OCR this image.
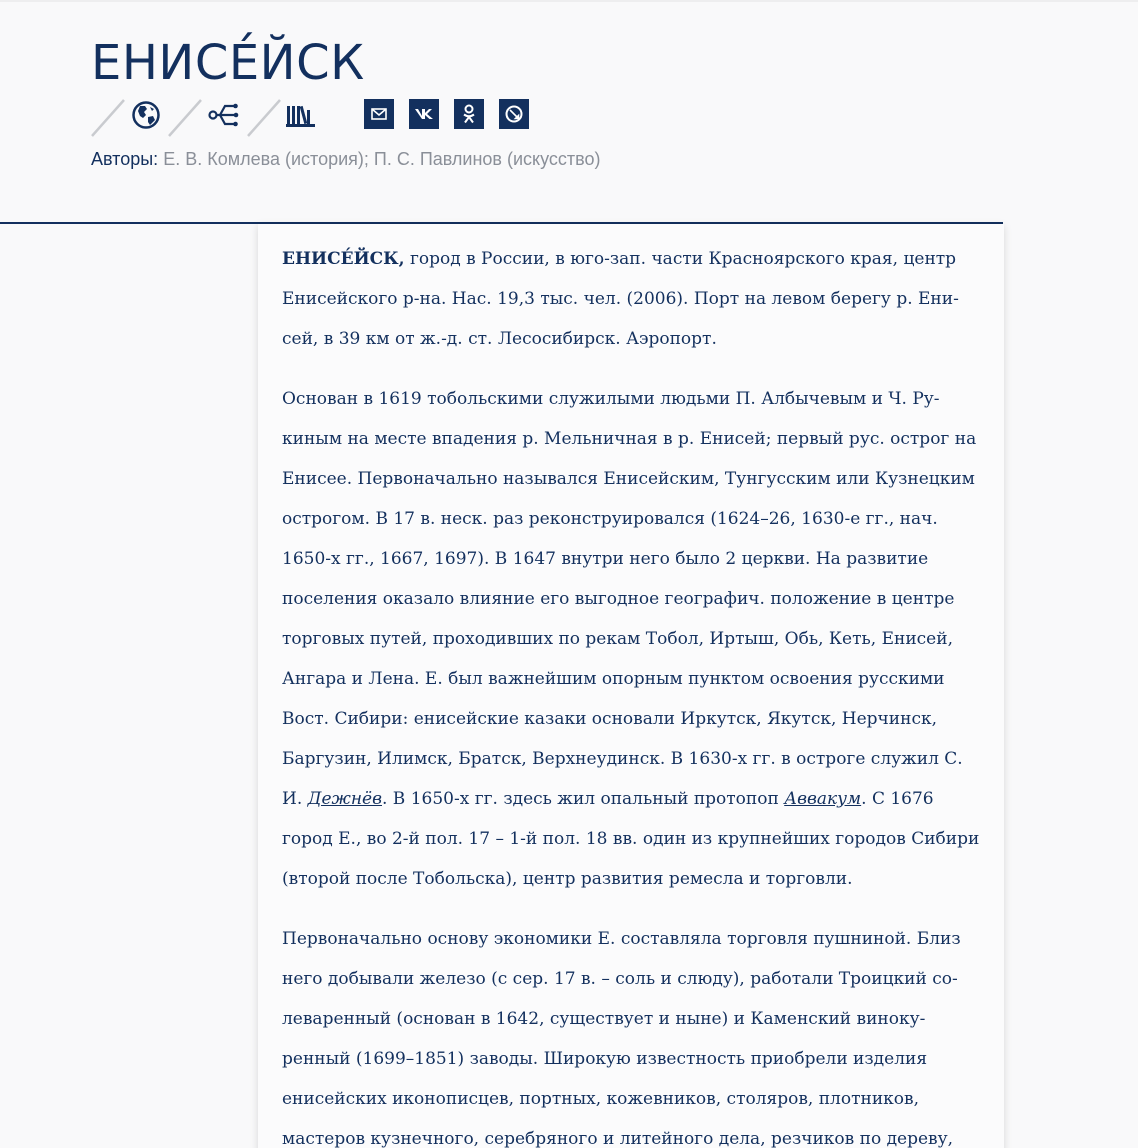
ЕНИСЕ́ЙСК
Авторы: Е. В. Комлева (история); П. С. Павлинов (искусство)

ЕНИСЕ́ЙСК, город в России, в юго-зап. части Красноярского края, центр Енисейского р-на. Нас. 19,3 тыс. чел. (2006). Порт на левом берегу р. Енисей, в 39 км от ж.-д. ст. Лесосибирск. Аэропорт.

Основан в 1619 тобольскими служилыми людьми П. Албычевым и Ч. Рукиным на месте впадения р. Мельничная в р. Енисей; первый рус. острог на Енисее. Первоначально назывался Енисейским, Тунгусским или Кузнецким острогом. В 17 в. неск. раз реконструировался (1624–26, 1630-е гг., нач. 1650-х гг., 1667, 1697). В 1647 внутри него было 2 церкви. На развитие поселения оказало влияние его выгодное географич. положение в центре торговых путей, проходивших по рекам Тобол, Иртыш, Обь, Кеть, Енисей, Ангара и Лена. Е. был важнейшим опорным пунктом освоения русскими Вост. Сибири: енисейские казаки основали Иркутск, Якутск, Нерчинск, Баргузин, Илимск, Братск, Верхнеудинск. В 1630-х гг. в остроге служил С. И. Дежнёв. В 1650-х гг. здесь жил опальный протопоп Аввакум. С 1676 город Е., во 2-й пол. 17 – 1-й пол. 18 вв. один из крупнейших городов Сибири (второй после Тобольска), центр развития ремесла и торговли.

Первоначально основу экономики Е. составляла торговля пушниной. Близ него добывали железо (с сер. 17 в. – соль и слюду), работали Троицкий солеваренный (основан в 1642, существует и ныне) и Каменский винокуренный (1699–1851) заводы. Широкую известность приобрели изделия енисейских иконописцев, портных, кожевников, столяров, плотников, мастеров кузнечного, серебряного и литейного дела, резчиков по дереву,
